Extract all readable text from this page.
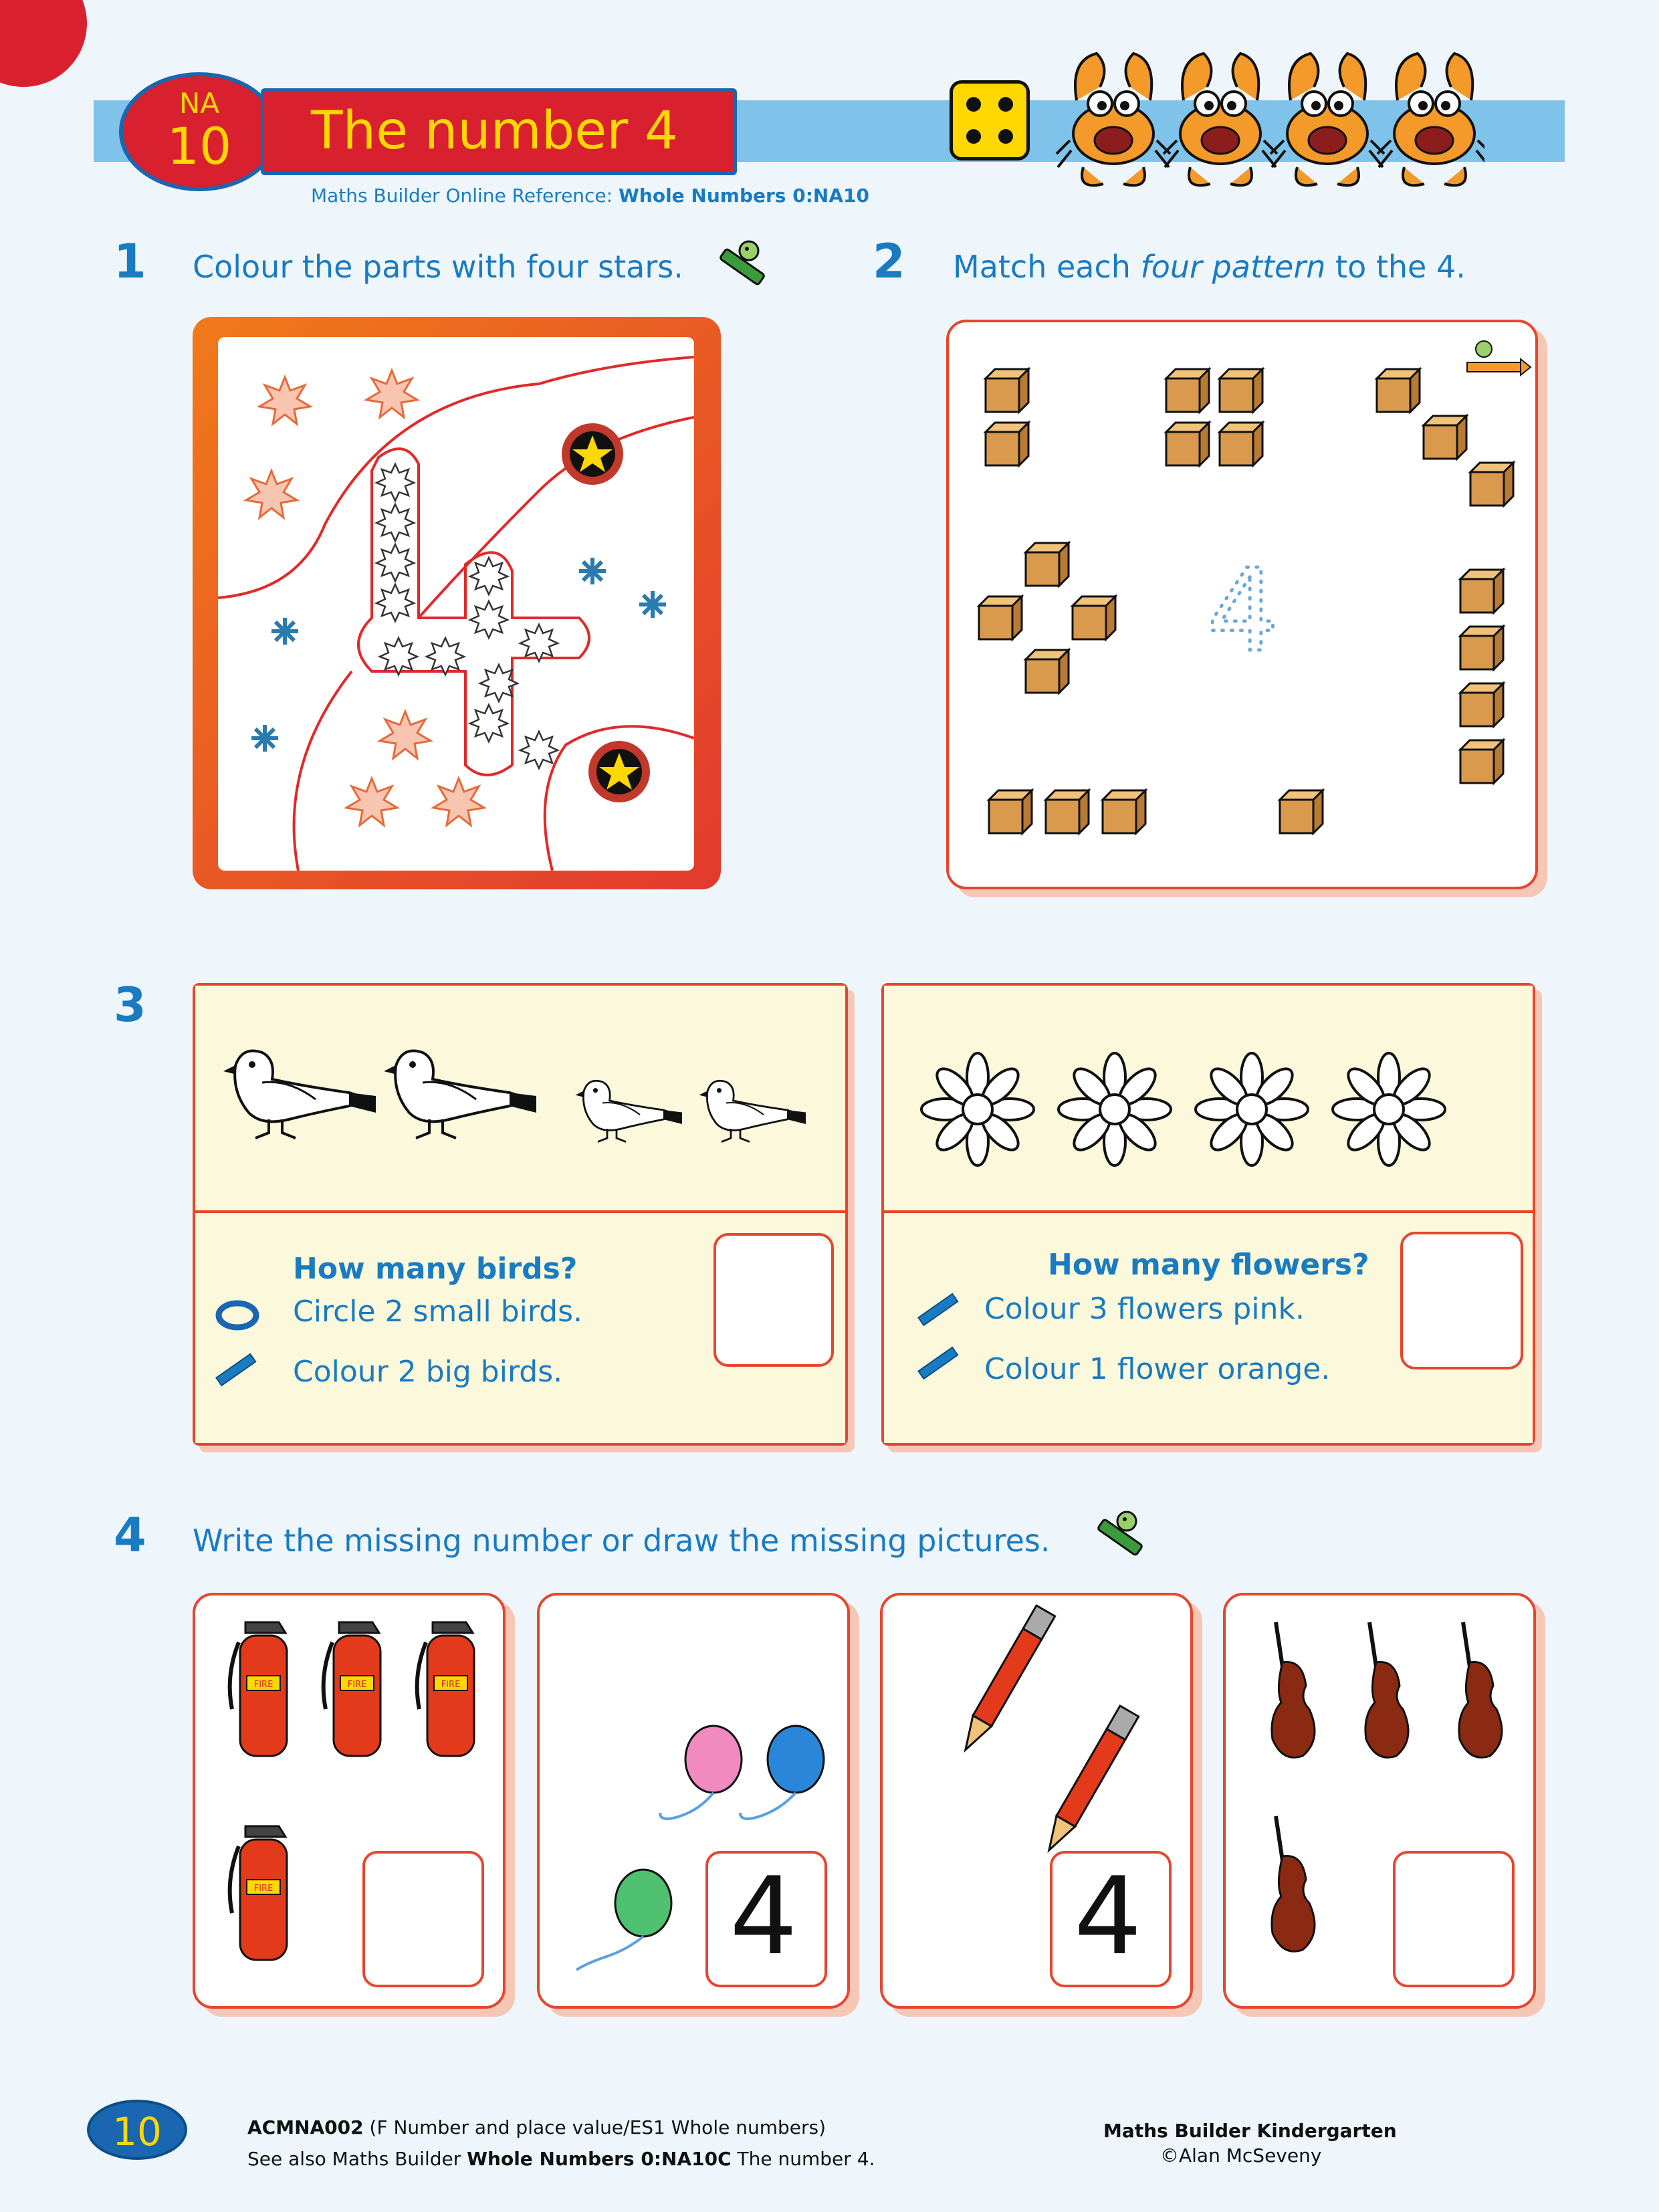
NA
10	The number 4
Maths Builder Online Reference: Whole Numbers 0:NA10
1 Colour the parts with four stars.	2 Match each four pattern to the 4.
4
3
How many birds?
Circle 2 small birds.
Colour 2 big birds.
How many flowers?
Colour 3 flowers pink.
Colour 1 flower orange.
4 Write the missing number or draw the missing pictures.
FIRE	FIRE	FIRE
FIRE	4	4
10	ACMNA002 (F Number and place value/ES1 Whole numbers)
See also Maths Builder Whole Numbers 0:NA10C The number 4.
Maths Builder Kindergarten
©Alan McSeveny
